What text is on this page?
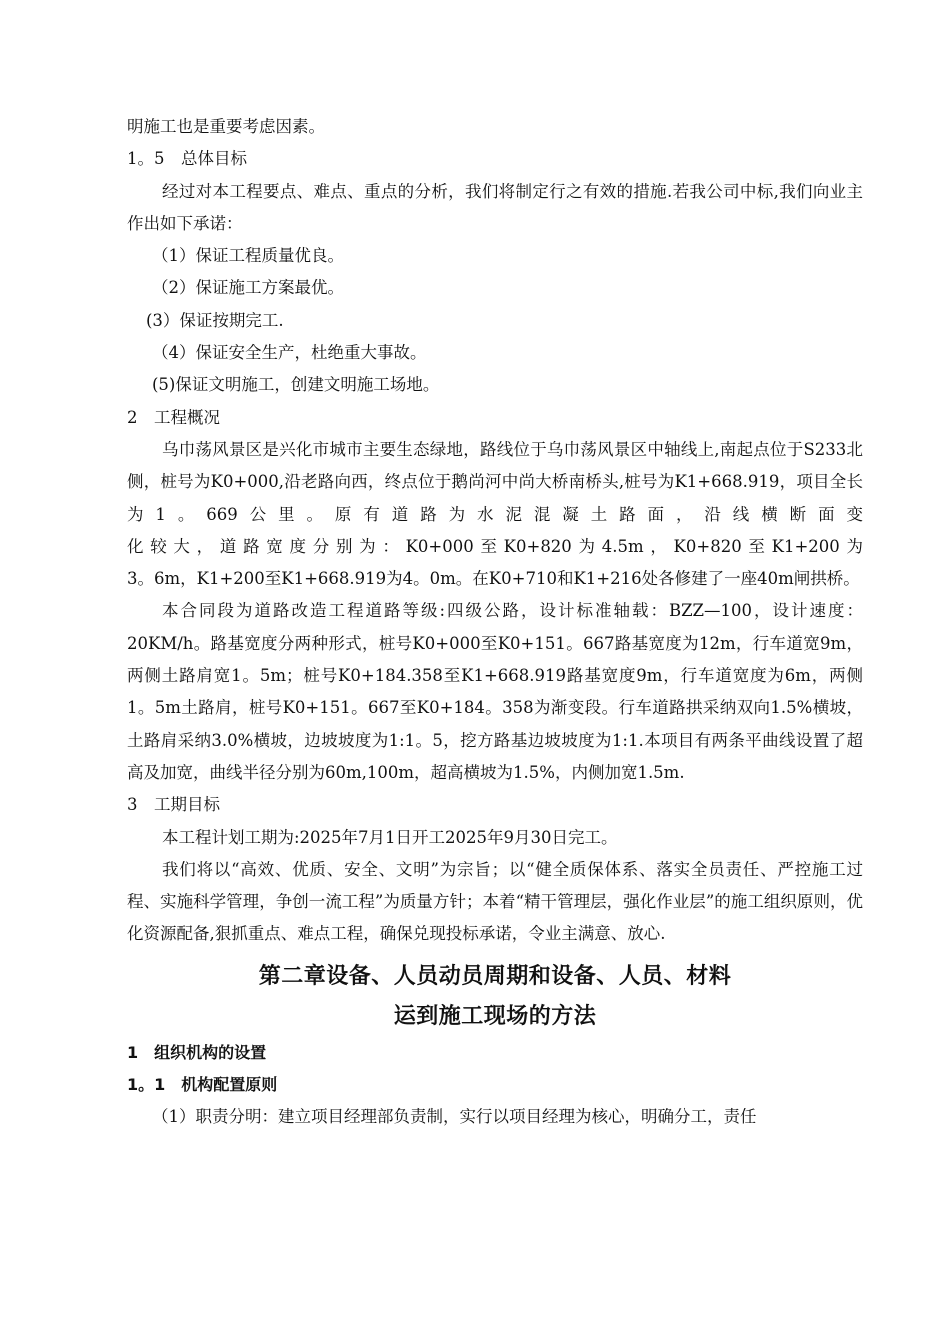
明施工也是重要考虑因素。

1。5　总体目标

经过对本工程要点、难点、重点的分析，我们将制定行之有效的措施.若我公司中标,我们向业主作出如下承诺：

（1）保证工程质量优良。

（2）保证施工方案最优。

(3）保证按期完工.

（4）保证安全生产，杜绝重大事故。

(5)保证文明施工，创建文明施工场地。

2　工程概况

乌巾荡风景区是兴化市城市主要生态绿地，路线位于乌巾荡风景区中轴线上,南起点位于S233北侧，桩号为K0+000,沿老路向西，终点位于鹅尚河中尚大桥南桥头,桩号为K1+668.919，项目全长为1。669公里。原有道路为水泥混凝土路面，沿线横断面变

化较大，道路宽度分别为：K0+000至K0+820为4.5m，K0+820至K1+200为

3。6m，K1+200至K1+668.919为4。0m。在K0+710和K1+216处各修建了一座40m闸拱桥。

本合同段为道路改造工程道路等级:四级公路，设计标准轴载：BZZ—100，设计速度：20KM/h。路基宽度分两种形式，桩号K0+000至K0+151。667路基宽度为12m，行车道宽9m，两侧土路肩宽1。5m；桩号K0+184.358至K1+668.919路基宽度9m，行车道宽度为6m，两侧1。5m土路肩，桩号K0+151。667至K0+184。358为渐变段。行车道路拱采纳双向1.5%横坡，土路肩采纳3.0%横坡，边坡坡度为1:1。5，挖方路基边坡坡度为1:1.本项目有两条平曲线设置了超高及加宽，曲线半径分别为60m,100m，超高横坡为1.5%，内侧加宽1.5m.

3　工期目标

本工程计划工期为:2025年7月1日开工2025年9月30日完工。

我们将以“高效、优质、安全、文明”为宗旨；以“健全质保体系、落实全员责任、严控施工过程、实施科学管理，争创一流工程”为质量方针；本着“精干管理层，强化作业层”的施工组织原则，优化资源配备,狠抓重点、难点工程，确保兑现投标承诺，令业主满意、放心.

第二章设备、人员动员周期和设备、人员、材料

运到施工现场的方法

1　组织机构的设置

1。1　机构配置原则

（1）职责分明：建立项目经理部负责制，实行以项目经理为核心，明确分工，责任
